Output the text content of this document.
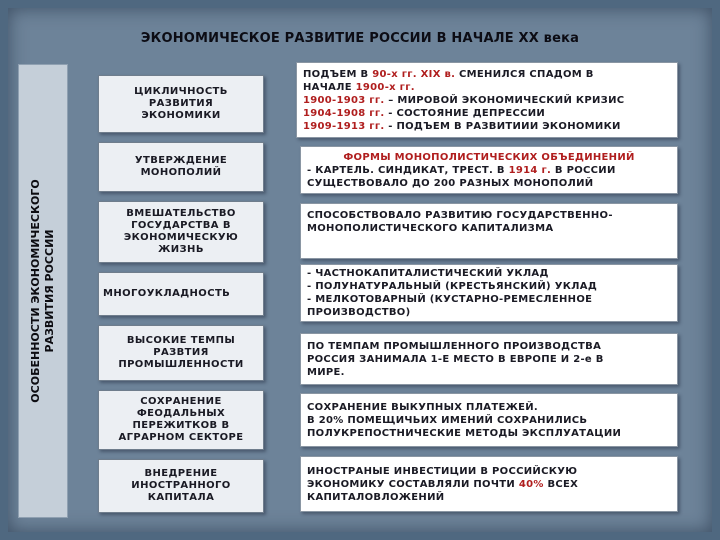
ЭКОНОМИЧЕСКОЕ РАЗВИТИЕ РОССИИ В НАЧАЛЕ XX века
ОСОБЕННОСТИ ЭКОНОМИЧЕСКОГО РАЗВИТИЯ РОССИИ
ЦИКЛИЧНОСТЬ
РАЗВИТИЯ
ЭКОНОМИКИ
УТВЕРЖДЕНИЕ
МОНОПОЛИЙ
ВМЕШАТЕЛЬСТВО
ГОСУДАРСТВА В
ЭКОНОМИЧЕСКУЮ
ЖИЗНЬ
МНОГОУКЛАДНОСТЬ
ВЫСОКИЕ ТЕМПЫ
РАЗВТИЯ
ПРОМЫШЛЕННОСТИ
СОХРАНЕНИЕ
ФЕОДАЛЬНЫХ
ПЕРЕЖИТКОВ В
АГРАРНОМ СЕКТОРЕ
ВНЕДРЕНИЕ
ИНОСТРАННОГО
КАПИТАЛА
ПОДЪЕМ В 90-х гг. XIX в. СМЕНИЛСЯ СПАДОМ В
НАЧАЛЕ 1900-х гг.
1900-1903 гг. – МИРОВОЙ ЭКОНОМИЧЕСКИЙ КРИЗИС
1904-1908 гг. - СОСТОЯНИЕ ДЕПРЕССИИ
1909-1913 гг. - ПОДЪЕМ В РАЗВИТИИИ ЭКОНОМИКИ
ФОРМЫ МОНОПОЛИСТИЧЕСКИХ ОБЪЕДИНЕНИЙ
- КАРТЕЛЬ. СИНДИКАТ, ТРЕСТ. В 1914 г. В РОССИИ
СУЩЕСТВОВАЛО ДО 200 РАЗНЫХ МОНОПОЛИЙ
СПОСОБСТВОВАЛО РАЗВИТИЮ ГОСУДАРСТВЕННО-
МОНОПОЛИСТИЧЕСКОГО КАПИТАЛИЗМА
- ЧАСТНОКАПИТАЛИСТИЧЕСКИЙ УКЛАД
- ПОЛУНАТУРАЛЬНЫЙ (КРЕСТЬЯНСКИЙ) УКЛАД
- МЕЛКОТОВАРНЫЙ (КУСТАРНО-РЕМЕСЛЕННОЕ
ПРОИЗВОДСТВО)
ПО ТЕМПАМ ПРОМЫШЛЕННОГО ПРОИЗВОДСТВА
РОССИЯ ЗАНИМАЛА 1-Е МЕСТО В ЕВРОПЕ И 2-е В
МИРЕ.
СОХРАНЕНИЕ ВЫКУПНЫХ ПЛАТЕЖЕЙ.
В 20% ПОМЕЩИЧЬИХ ИМЕНИЙ СОХРАНИЛИСЬ
ПОЛУКРЕПОСТНИЧЕСКИЕ МЕТОДЫ ЭКСПЛУАТАЦИИ
ИНОСТРАНЫЕ ИНВЕСТИЦИИ В РОССИЙСКУЮ
ЭКОНОМИКУ СОСТАВЛЯЛИ ПОЧТИ 40% ВСЕХ
КАПИТАЛОВЛОЖЕНИЙ
